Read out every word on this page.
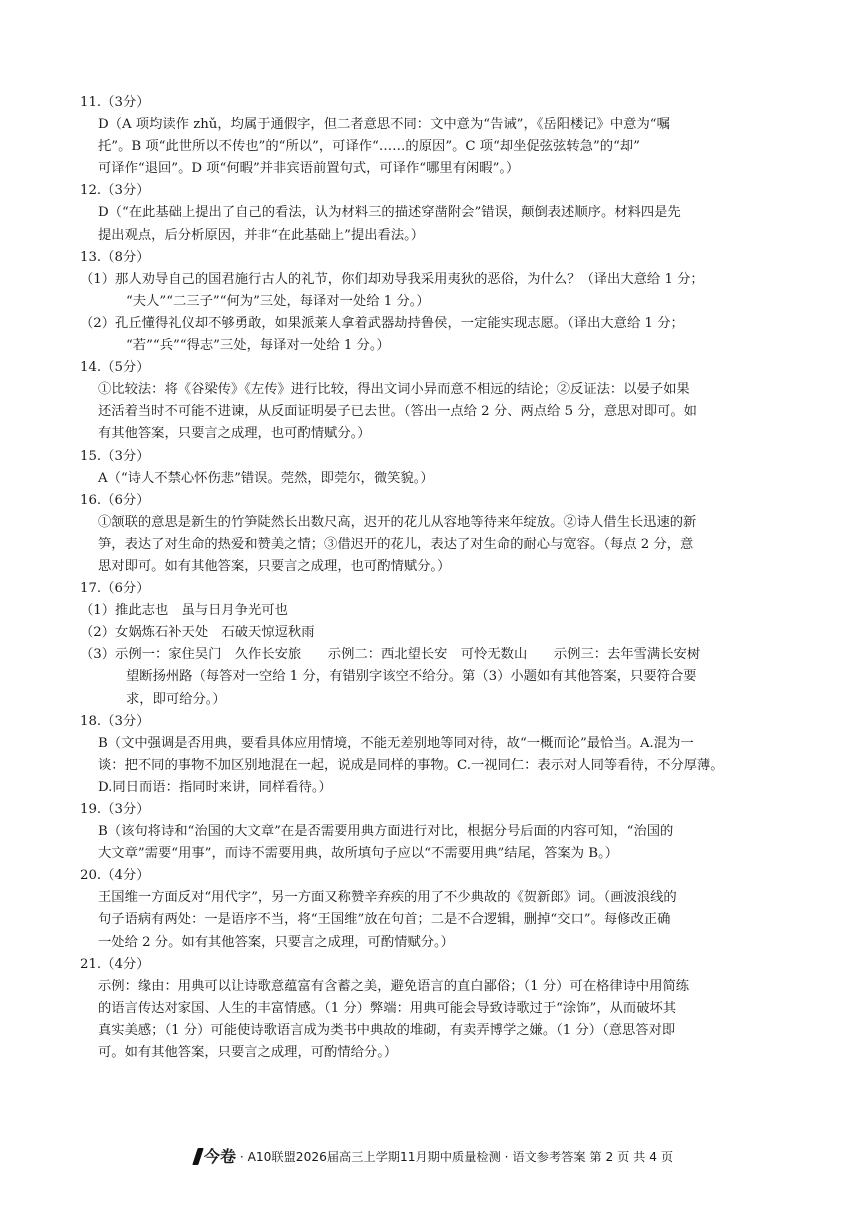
11.（3分）
D（A 项均读作 zhǔ，均属于通假字，但二者意思不同：文中意为“告诫”，《岳阳楼记》中意为“嘱
托”。B 项“此世所以不传也”的“所以”，可译作“……的原因”。C 项“却坐促弦弦转急”的“却”
可译作“退回”。D 项“何暇”并非宾语前置句式，可译作“哪里有闲暇”。）
12.（3分）
D（“在此基础上提出了自己的看法，认为材料三的描述穿凿附会”错误，颠倒表述顺序。材料四是先
提出观点，后分析原因，并非“在此基础上”提出看法。）
13.（8分）
（1）那人劝导自己的国君施行古人的礼节，你们却劝导我采用夷狄的恶俗，为什么？（译出大意给 1 分；
“夫人”“二三子”“何为”三处，每译对一处给 1 分。）
（2）孔丘懂得礼仪却不够勇敢，如果派莱人拿着武器劫持鲁侯，一定能实现志愿。（译出大意给 1 分；
“若”“兵”“得志”三处，每译对一处给 1 分。）
14.（5分）
①比较法：将《谷梁传》《左传》进行比较，得出文词小异而意不相远的结论；②反证法：以晏子如果
还活着当时不可能不进谏，从反面证明晏子已去世。（答出一点给 2 分、两点给 5 分，意思对即可。如
有其他答案，只要言之成理，也可酌情赋分。）
15.（3分）
A（“诗人不禁心怀伤悲”错误。莞然，即莞尔，微笑貌。）
16.（6分）
①颔联的意思是新生的竹笋陡然长出数尺高，迟开的花儿从容地等待来年绽放。②诗人借生长迅速的新
笋，表达了对生命的热爱和赞美之情；③借迟开的花儿，表达了对生命的耐心与宽容。（每点 2 分，意
思对即可。如有其他答案，只要言之成理，也可酌情赋分。）
17.（6分）
（1）推此志也　虽与日月争光可也
（2）女娲炼石补天处　石破天惊逗秋雨
（3）示例一：家住吴门　久作长安旅　　示例二：西北望长安　可怜无数山　　示例三：去年雪满长安树
望断扬州路（每答对一空给 1 分，有错别字该空不给分。第（3）小题如有其他答案，只要符合要
求，即可给分。）
18.（3分）
B（文中强调是否用典，要看具体应用情境，不能无差别地等同对待，故“一概而论”最恰当。A.混为一
谈：把不同的事物不加区别地混在一起，说成是同样的事物。C.一视同仁：表示对人同等看待，不分厚薄。
D.同日而语：指同时来讲，同样看待。）
19.（3分）
B（该句将诗和“治国的大文章”在是否需要用典方面进行对比，根据分号后面的内容可知，“治国的
大文章”需要“用事”，而诗不需要用典，故所填句子应以“不需要用典”结尾，答案为 B。）
20.（4分）
王国维一方面反对“用代字”，另一方面又称赞辛弃疾的用了不少典故的《贺新郎》词。（画波浪线的
句子语病有两处：一是语序不当，将“王国维”放在句首；二是不合逻辑，删掉“交口”。每修改正确
一处给 2 分。如有其他答案，只要言之成理，可酌情赋分。）
21.（4分）
示例：缘由：用典可以让诗歌意蕴富有含蓄之美，避免语言的直白鄙俗；（1 分）可在格律诗中用简练
的语言传达对家国、人生的丰富情感。（1 分）弊端：用典可能会导致诗歌过于“涂饰”，从而破坏其
真实美感；（1 分）可能使诗歌语言成为类书中典故的堆砌，有卖弄博学之嫌。（1 分）（意思答对即
可。如有其他答案，只要言之成理，可酌情给分。）
今卷 · A10联盟2026届高三上学期11月期中质量检测 · 语文参考答案 第 2 页 共 4 页
